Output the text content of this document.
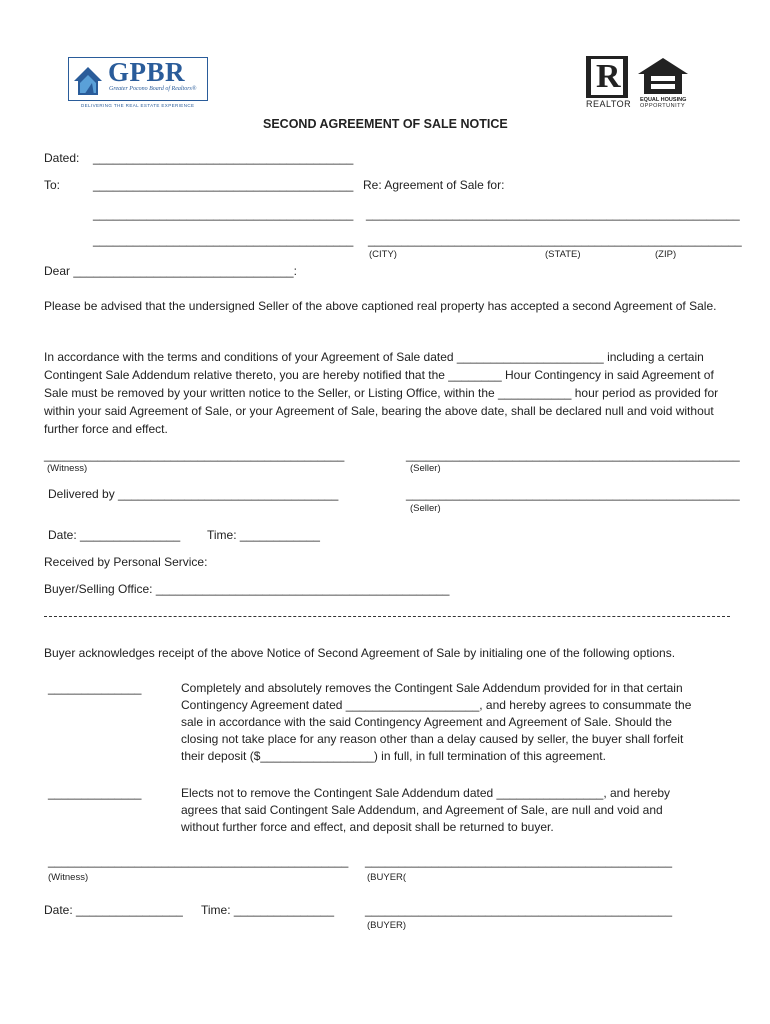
GPBR
Greater Pocono Board of Realtors®
DELIVERING THE REAL ESTATE EXPERIENCE
R
REALTOR EQUAL HOUSING
OPPORTUNITY
SECOND AGREEMENT OF SALE NOTICE
Dated: _______________________________________
To:	_______________________________________ Re: Agreement of Sale for:
_______________________________________ ________________________________________________________
_______________________________________ ________________________________________________________
(CITY)	(STATE)	(ZIP)
Dear _________________________________:
Please be advised that the undersigned Seller of the above captioned real property has accepted a second Agreement of Sale.
In accordance with the terms and conditions of your Agreement of Sale dated ______________________ including a certain Contingent Sale Addendum relative thereto, you are hereby notified that the ________ Hour Contingency in said Agreement of Sale must be removed by your written notice to the Seller, or Listing Office, within the ___________ hour period as provided for within your said Agreement of Sale, or your Agreement of Sale, bearing the above date, shall be declared null and void without further force and effect.
_____________________________________________	__________________________________________________
(Witness)	(Seller)
Delivered by _________________________________	__________________________________________________
(Seller)
Date: _______________ Time: ____________
Received by Personal Service:
Buyer/Selling Office: ____________________________________________
Buyer acknowledges receipt of the above Notice of Second Agreement of Sale by initialing one of the following options.
______________	Completely and absolutely removes the Contingent Sale Addendum provided for in that certain Contingency Agreement dated ____________________, and hereby agrees to consummate the sale in accordance with the said Contingency Agreement and Agreement of Sale. Should the closing not take place for any reason other than a delay caused by seller, the buyer shall forfeit their deposit ($_________________) in full, in full termination of this agreement.
______________	Elects not to remove the Contingent Sale Addendum dated ________________, and hereby agrees that said Contingent Sale Addendum, and Agreement of Sale, are null and void and without further force and effect, and deposit shall be returned to buyer.
_____________________________________________ ______________________________________________
(Witness)	(BUYER(
Date: ________________ Time: _______________	______________________________________________
(BUYER)
